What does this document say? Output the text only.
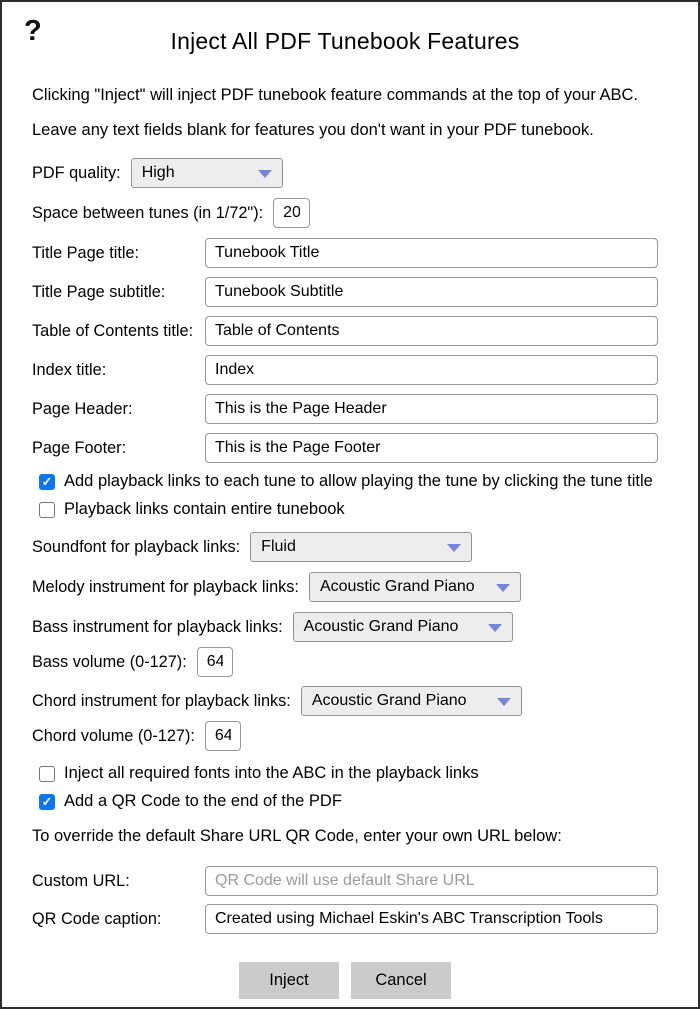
?	Inject All PDF Tunebook Features

Clicking "Inject" will inject PDF tunebook feature commands at the top of your ABC.

Leave any text fields blank for features you don't want in your PDF tunebook.

PDF quality: High
Space between tunes (in 1/72"):
20
Title Page title:
Tunebook Title
Title Page subtitle:
Tunebook Subtitle
Table of Contents title:
Table of Contents
Index title:
Index
Page Header:
This is the Page Header
Page Footer:
This is the Page Footer
✓ Add playback links to each tune to allow playing the tune by clicking the tune title
Playback links contain entire tunebook
Soundfont for playback links: Fluid
Melody instrument for playback links: Acoustic Grand Piano
Bass instrument for playback links: Acoustic Grand Piano
Bass volume (0-127):
64
Chord instrument for playback links: Acoustic Grand Piano
Chord volume (0-127):
64
Inject all required fonts into the ABC in the playback links
✓ Add a QR Code to the end of the PDF

To override the default Share URL QR Code, enter your own URL below:

Custom URL:
QR Code will use default Share URL
QR Code caption:
Created using Michael Eskin's ABC Transcription Tools
Inject	Cancel
